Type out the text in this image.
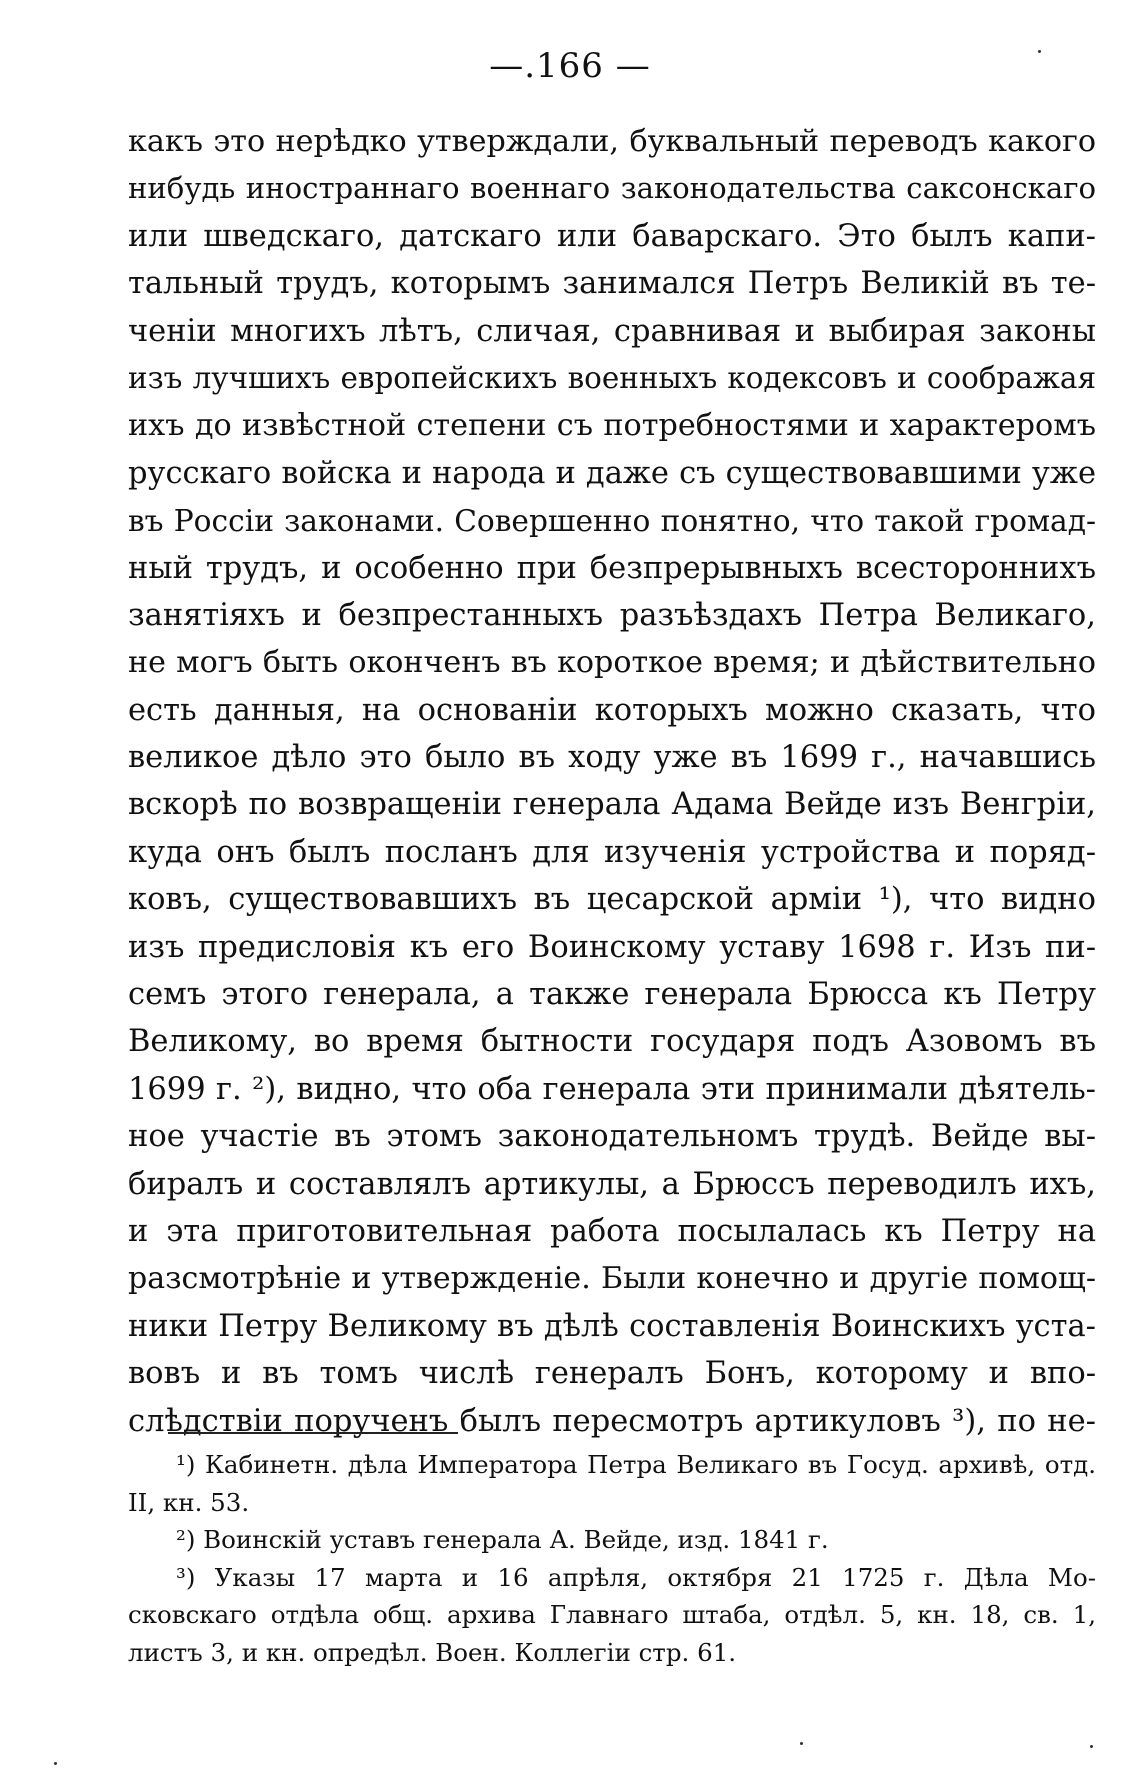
—.166 —
какъ это нерѣдко утверждали, буквальный переводъ какого
нибудь иностраннаго военнаго законодательства саксонскаго
или шведскаго, датскаго или баварскаго. Это былъ капи-
тальный трудъ, которымъ занимался Петръ Великій въ те-
ченіи многихъ лѣтъ, сличая, сравнивая и выбирая законы
изъ лучшихъ европейскихъ военныхъ кодексовъ и соображая
ихъ до извѣстной степени съ потребностями и характеромъ
русскаго войска и народа и даже съ существовавшими уже
въ Россіи законами. Совершенно понятно, что такой громад-
ный трудъ, и особенно при безпрерывныхъ всестороннихъ
занятіяхъ и безпрестанныхъ разъѣздахъ Петра Великаго,
не могъ быть оконченъ въ короткое время; и дѣйствительно
есть данныя, на основаніи которыхъ можно сказать, что
великое дѣло это было въ ходу уже въ 1699 г., начавшись
вскорѣ по возвращеніи генерала Адама Вейде изъ Венгріи,
куда онъ былъ посланъ для изученія устройства и поряд-
ковъ, существовавшихъ въ цесарской арміи ¹), что видно
изъ предисловія къ его Воинскому уставу 1698 г. Изъ пи-
семъ этого генерала, а также генерала Брюсса къ Петру
Великому, во время бытности государя подъ Азовомъ въ
1699 г. ²), видно, что оба генерала эти принимали дѣятель-
ное участіе въ этомъ законодательномъ трудѣ. Вейде вы-
биралъ и составлялъ артикулы, а Брюссъ переводилъ ихъ,
и эта приготовительная работа посылалась къ Петру на
разсмотрѣніе и утвержденіе. Были конечно и другіе помощ-
ники Петру Великому въ дѣлѣ составленія Воинскихъ уста-
вовъ и въ томъ числѣ генералъ Бонъ, которому и впо-
слѣдствіи порученъ былъ пересмотръ артикуловъ ³), по не-
¹) Кабинетн. дѣла Императора Петра Великаго въ Госуд. архивѣ, отд.
II, кн. 53.
²) Воинскій уставъ генерала А. Вейде, изд. 1841 г.
³) Указы 17 марта и 16 апрѣля, октября 21 1725 г. Дѣла Мо-
сковскаго отдѣла общ. архива Главнаго штаба, отдѣл. 5, кн. 18, св. 1,
листъ 3, и кн. опредѣл. Воен. Коллегіи стр. 61.
